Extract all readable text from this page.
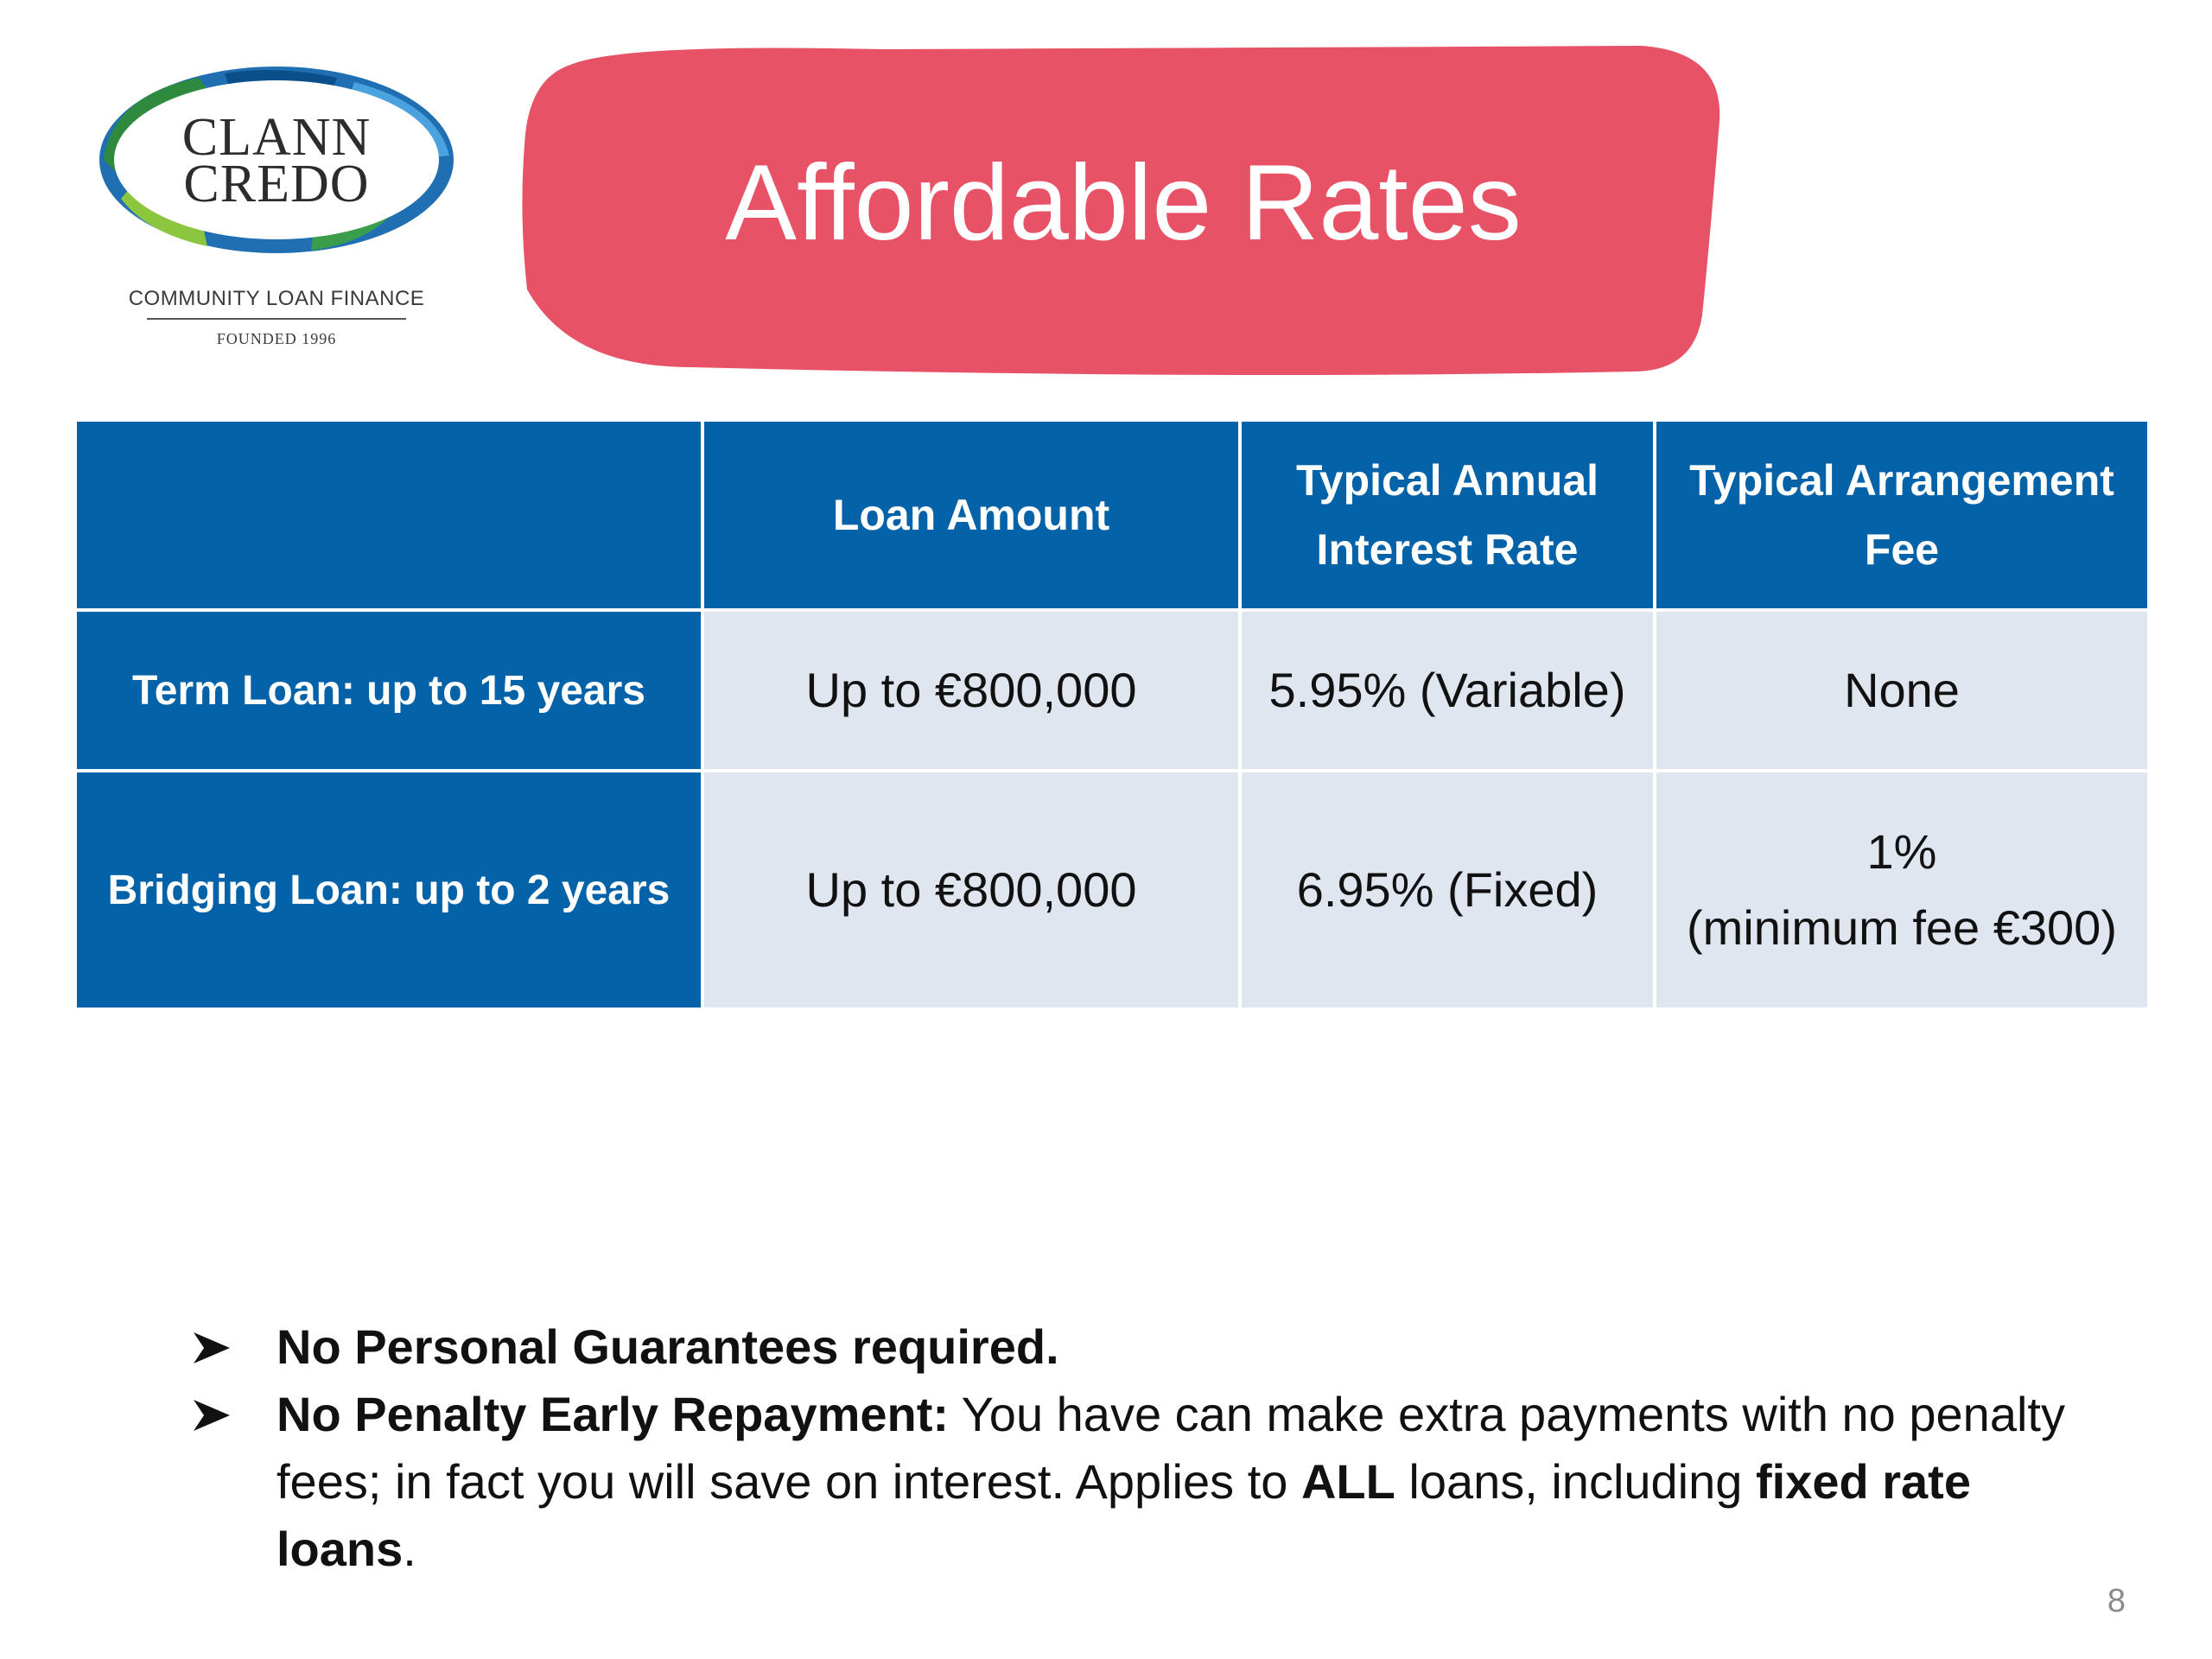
CLANN
CREDO
COMMUNITY LOAN FINANCE
FOUNDED 1996
Affordable Rates
	Loan Amount	Typical Annual Interest Rate	Typical Arrangement Fee
Term Loan: up to 15 years	Up to €800,000	5.95% (Variable)	None

Bridging Loan: up to 2 years	Up to €800,000	6.95% (Fixed)	1%
(minimum fee €300)
No Personal Guarantees required.
No Penalty Early Repayment: You have can make extra payments with no penalty fees; in fact you will save on interest. Applies to ALL loans, including fixed rate loans.
8
